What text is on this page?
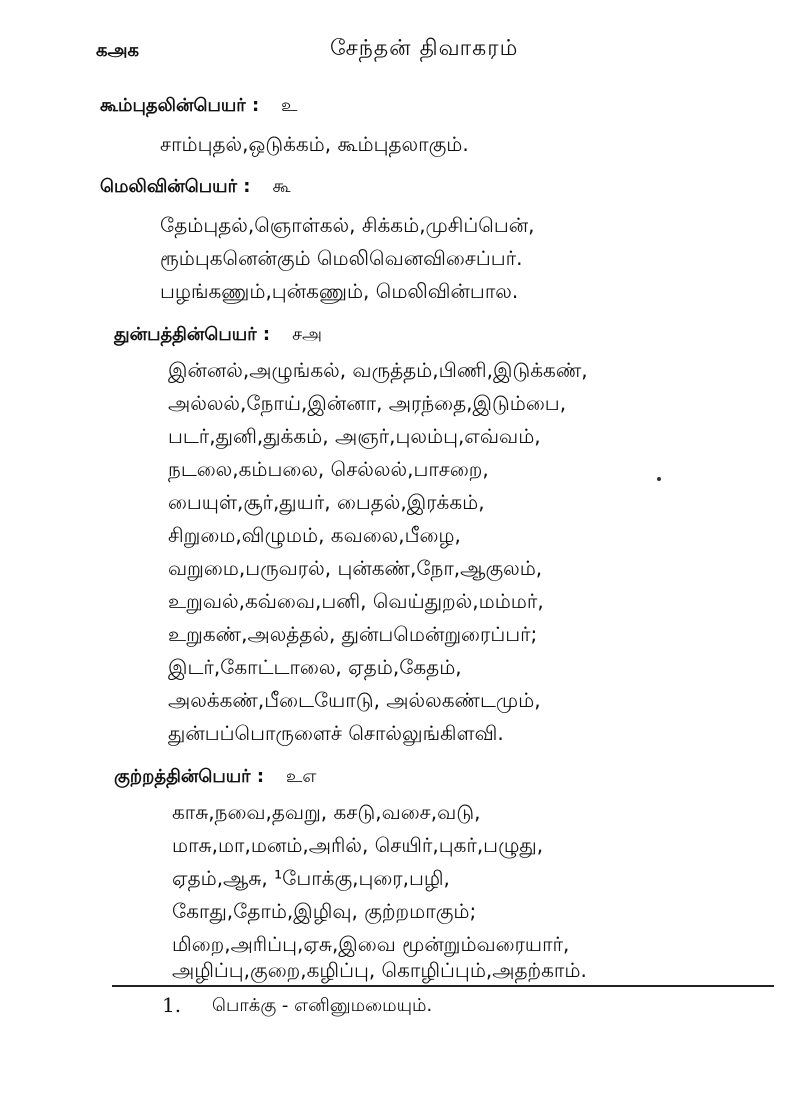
கஅக	சேந்தன் திவாகரம்
கூம்புதலின்பெயர் : உ
சாம்புதல்,ஒடுக்கம், கூம்புதலாகும்.
மெலிவின்பெயர் : கூ
தேம்புதல்,ஞொள்கல், சிக்கம்,முசிப்பென்,
ரூம்புகனென்கும் மெலிவெனவிசைப்பர்.
பழங்கணும்,புன்கணும், மெலிவின்பால.
துன்பத்தின்பெயர் : சஅ
இன்னல்,அழுங்கல், வருத்தம்,பிணி,இடுக்கண்,
அல்லல்,நோய்,இன்னா, அரந்தை,இடும்பை,
படர்,துனி,துக்கம், அஞர்,புலம்பு,எவ்வம்,
நடலை,கம்பலை, செல்லல்,பாசறை,
பையுள்,சூர்,துயர், பைதல்,இரக்கம்,
சிறுமை,விழுமம், கவலை,பீழை,
வறுமை,பருவரல், புன்கண்,நோ,ஆகுலம்,
உறுவல்,கவ்வை,பனி, வெய்துறல்,மம்மர்,
உறுகண்,அலத்தல், துன்பமென்றுரைப்பர்;
இடர்,கோட்டாலை, ஏதம்,கேதம்,
அலக்கண்,பீடையோடு, அல்லகண்டமும்,
துன்பப்பொருளைச் சொல்லுங்கிளவி.
குற்றத்தின்பெயர் : உஎ
காசு,நவை,தவறு, கசடு,வசை,வடு,
மாசு,மா,மனம்,அரில், செயிர்,புகர்,பழுது,
ஏதம்,ஆசு, ¹போக்கு,புரை,பழி,
கோது,தோம்,இழிவு, குற்றமாகும்;
மிறை,அரிப்பு,ஏசு,இவை மூன்றும்வரையார்,
அழிப்பு,குறை,கழிப்பு, கொழிப்பும்,அதற்காம்.
1. பொக்கு - எனினுமமையும்.
